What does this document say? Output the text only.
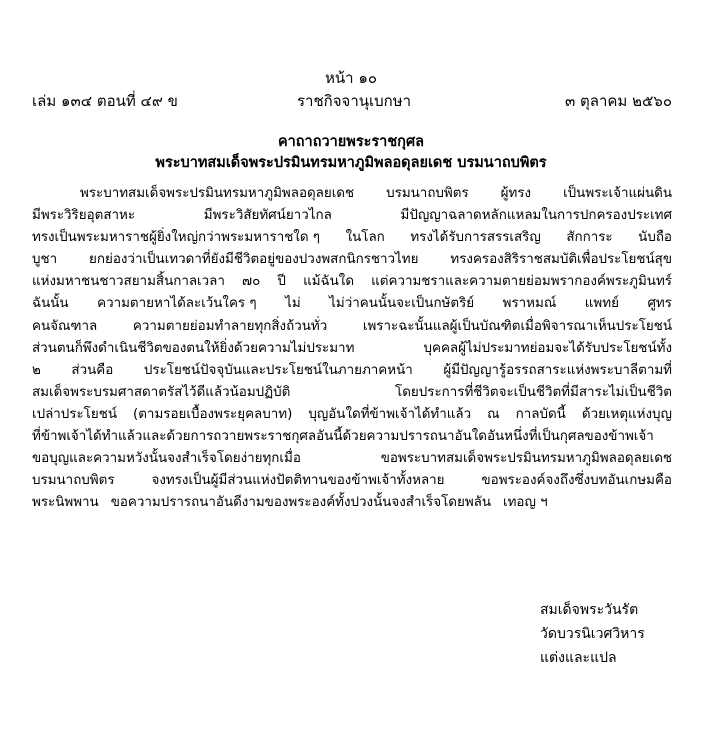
หน้า ๑๐
เล่ม ๑๓๔ ตอนที่ ๔๙ ข	ราชกิจจานุเบกษา	๓ ตุลาคม ๒๕๖๐
คาถาถวายพระราชกุศล
พระบาทสมเด็จพระปรมินทรมหาภูมิพลอดุลยเดช บรมนาถบพิตร
พระบาทสมเด็จพระปรมินทรมหาภูมิพลอดุลยเดช บรมนาถบพิตร ผู้ทรง เป็นพระเจ้าแผ่นดิน
มีพระวิริยอุตสาหะ	มีพระวิสัยทัศน์ยาวไกล	มีปัญญาฉลาดหลักแหลมในการปกครองประเทศ
ทรงเป็นพระมหาราชผู้ยิ่งใหญ่กว่าพระมหาราชใด ๆ ในโลก ทรงได้รับการสรรเสริญ สักการะ นับถือ
บูชา ยกย่องว่าเป็นเทวดาที่ยังมีชีวิตอยู่ของปวงพสกนิกรชาวไทย ทรงครองสิริราชสมบัติเพื่อประโยชน์สุข
แห่งมหาชนชาวสยามสิ้นกาลเวลา ๗๐ ปี แม้ฉันใด แต่ความชราและความตายย่อมพรากองค์พระภูมินทร์
ฉันนั้น ความตายหาได้ละเว้นใคร ๆ ไม่ ไม่ว่าคนนั้นจะเป็นกษัตริย์ พราหมณ์ แพทย์ ศูทร
คนจัณฑาล	ความตายย่อมทำลายทุกสิ่งถ้วนทั่ว	เพราะฉะนั้นแลผู้เป็นบัณฑิตเมื่อพิจารณาเห็นประโยชน์
ส่วนตนก็พึงดำเนินชีวิตของตนให้ยิ่งด้วยความไม่ประมาท	บุคคลผู้ไม่ประมาทย่อมจะได้รับประโยชน์ทั้ง
๒ ส่วนคือ ประโยชน์ปัจจุบันและประโยชน์ในภายภาคหน้า ผู้มีปัญญารู้อรรถสาระแห่งพระบาลีตามที่
สมเด็จพระบรมศาสดาตรัสไว้ดีแล้วน้อมปฏิบัติ	โดยประการที่ชีวิตจะเป็นชีวิตที่มีสาระไม่เป็นชีวิต
เปล่าประโยชน์ (ตามรอยเบื้องพระยุคลบาท) บุญอันใดที่ข้าพเจ้าได้ทำแล้ว ณ กาลบัดนี้ ด้วยเหตุแห่งบุญ
ที่ข้าพเจ้าได้ทำแล้วและด้วยการถวายพระราชกุศลอันนี้ด้วยความปรารถนาอันใดอันหนึ่งที่เป็นกุศลของข้าพเจ้า
ขอบุญและความหวังนั้นจงสำเร็จโดยง่ายทุกเมื่อ	ขอพระบาทสมเด็จพระปรมินทรมหาภูมิพลอดุลยเดช
บรมนาถบพิตร	จงทรงเป็นผู้มีส่วนแห่งปัตติทานของข้าพเจ้าทั้งหลาย	ขอพระองค์จงถึงซึ่งบทอันเกษมคือ
พระนิพพาน ขอความปรารถนาอันดีงามของพระองค์ทั้งปวงนั้นจงสำเร็จโดยพลัน เทอญ ฯ
สมเด็จพระวันรัต
วัดบวรนิเวศวิหาร
แต่งและแปล
